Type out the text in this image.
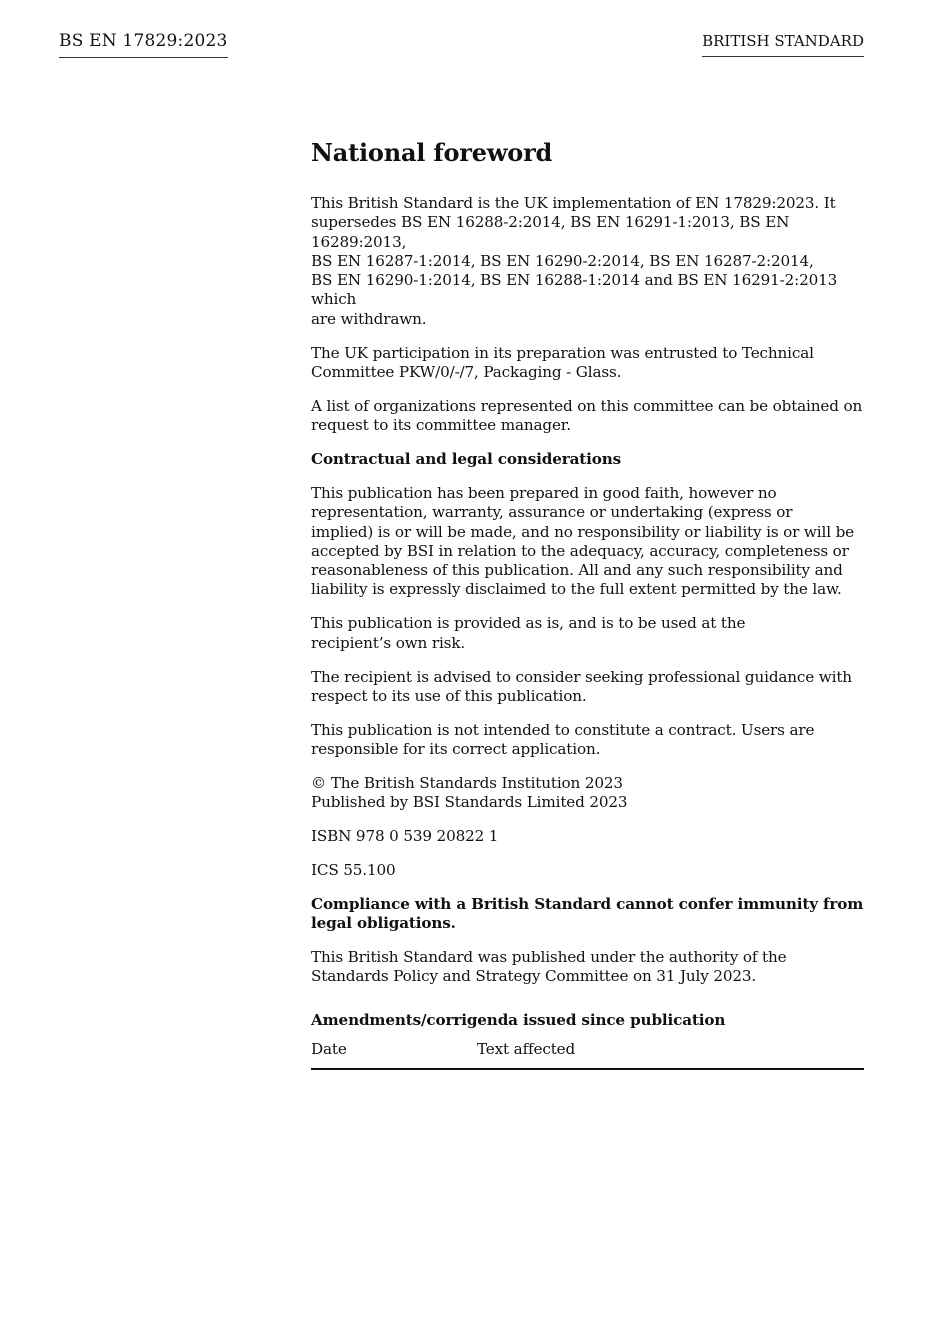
BS EN 17829:2023	BRITISH STANDARD
National foreword
This British Standard is the UK implementation of EN 17829:2023. It
supersedes BS EN 16288-2:2014, BS EN 16291-1:2013, BS EN 16289:2013,
BS EN 16287-1:2014, BS EN 16290-2:2014, BS EN 16287-2:2014,
BS EN 16290-1:2014, BS EN 16288-1:2014 and BS EN 16291-2:2013 which
are withdrawn.
The UK participation in its preparation was entrusted to Technical
Committee PKW/0/-/7, Packaging - Glass.
A list of organizations represented on this committee can be obtained on
request to its committee manager.
Contractual and legal considerations
This publication has been prepared in good faith, however no
representation, warranty, assurance or undertaking (express or
implied) is or will be made, and no responsibility or liability is or will be
accepted by BSI in relation to the adequacy, accuracy, completeness or
reasonableness of this publication. All and any such responsibility and
liability is expressly disclaimed to the full extent permitted by the law.
This publication is provided as is, and is to be used at the
recipient’s own risk.
The recipient is advised to consider seeking professional guidance with
respect to its use of this publication.
This publication is not intended to constitute a contract. Users are
responsible for its correct application.
© The British Standards Institution 2023
Published by BSI Standards Limited 2023
ISBN 978 0 539 20822 1
ICS 55.100
Compliance with a British Standard cannot confer immunity from
legal obligations.
This British Standard was published under the authority of the
Standards Policy and Strategy Committee on 31 July 2023.
Amendments/corrigenda issued since publication
Date	Text affected
